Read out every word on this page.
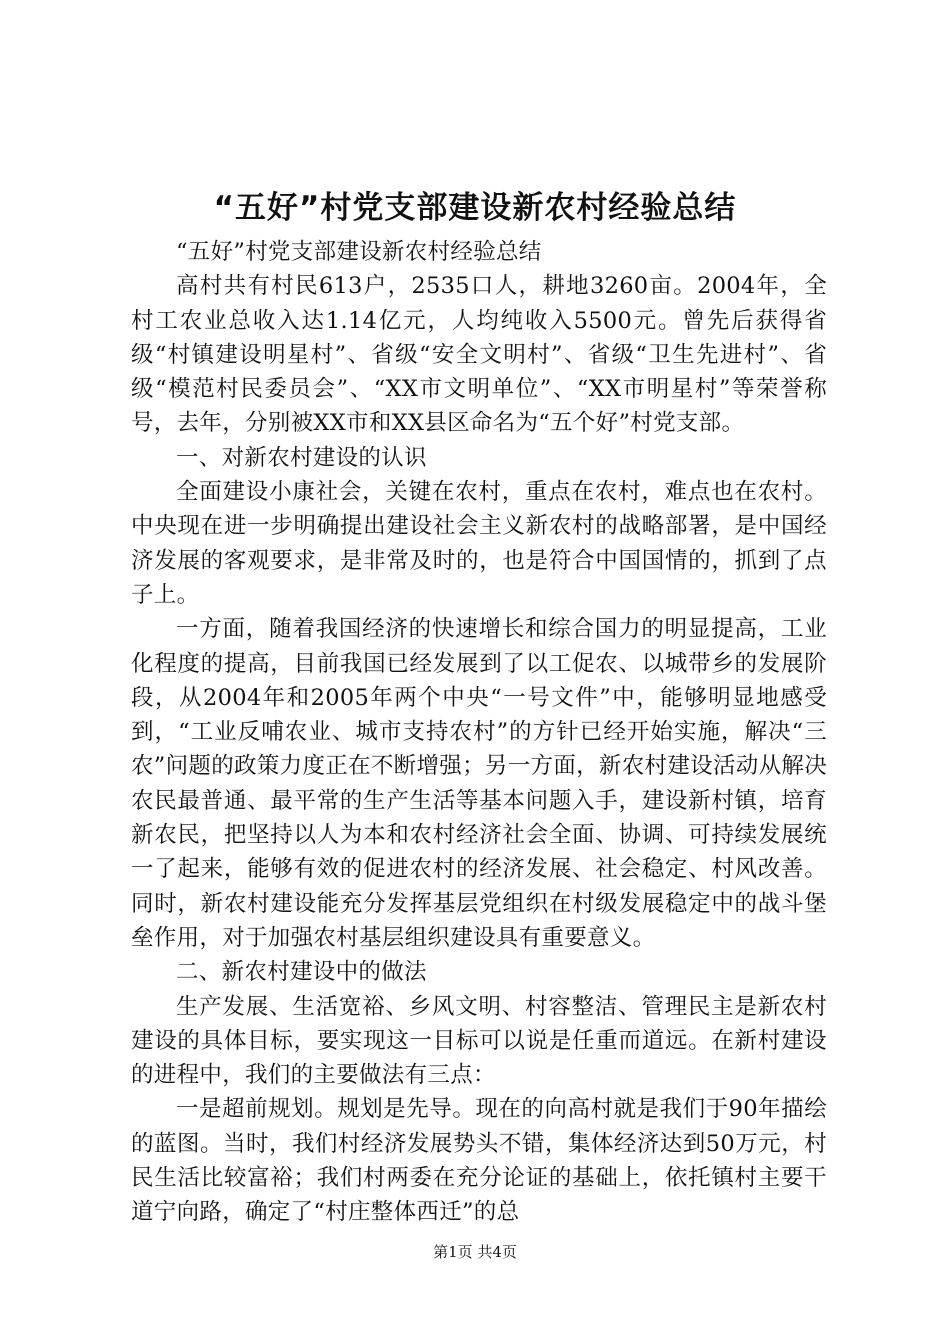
“五好”村党支部建设新农村经验总结

“五好”村党支部建设新农村经验总结

高村共有村民613户，2535口人，耕地3260亩。2004年，全村工农业总收入达1.14亿元，人均纯收入5500元。曾先后获得省级“村镇建设明星村”、省级“安全文明村”、省级“卫生先进村”、省级“模范村民委员会”、“XX市文明单位”、“XX市明星村”等荣誉称号，去年，分别被XX市和XX县区命名为“五个好”村党支部。

一、对新农村建设的认识

全面建设小康社会，关键在农村，重点在农村，难点也在农村。中央现在进一步明确提出建设社会主义新农村的战略部署，是中国经济发展的客观要求，是非常及时的，也是符合中国国情的，抓到了点子上。

一方面，随着我国经济的快速增长和综合国力的明显提高，工业化程度的提高，目前我国已经发展到了以工促农、以城带乡的发展阶段，从2004年和2005年两个中央“一号文件”中，能够明显地感受到，“工业反哺农业、城市支持农村”的方针已经开始实施，解决“三农”问题的政策力度正在不断增强；另一方面，新农村建设活动从解决农民最普通、最平常的生产生活等基本问题入手，建设新村镇，培育新农民，把坚持以人为本和农村经济社会全面、协调、可持续发展统一了起来，能够有效的促进农村的经济发展、社会稳定、村风改善。同时，新农村建设能充分发挥基层党组织在村级发展稳定中的战斗堡垒作用，对于加强农村基层组织建设具有重要意义。

二、新农村建设中的做法

生产发展、生活宽裕、乡风文明、村容整洁、管理民主是新农村建设的具体目标，要实现这一目标可以说是任重而道远。在新村建设的进程中，我们的主要做法有三点：

一是超前规划。规划是先导。现在的向高村就是我们于90年描绘的蓝图。当时，我们村经济发展势头不错，集体经济达到50万元，村民生活比较富裕；我们村两委在充分论证的基础上，依托镇村主要干道宁向路，确定了“村庄整体西迁”的总

第1页 共4页
